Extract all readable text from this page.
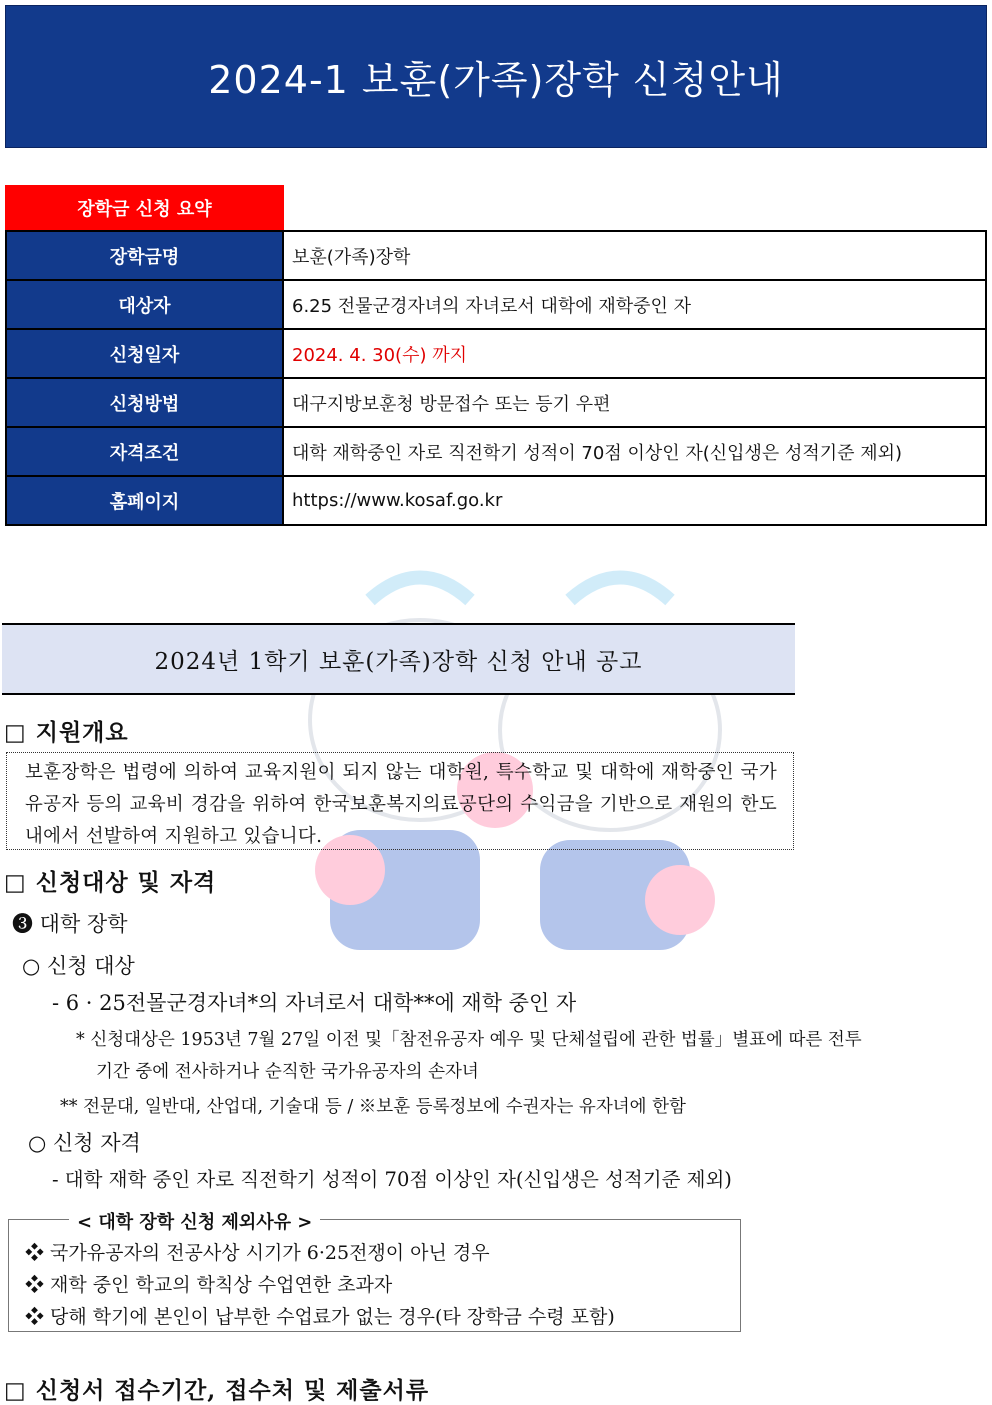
2024-1 보훈(가족)장학 신청안내
장학금 신청 요약
장학금명	보훈(가족)장학
대상자	6.25 전물군경자녀의 자녀로서 대학에 재학중인 자
신청일자	2024. 4. 30(수) 까지
신청방법	대구지방보훈청 방문접수 또는 등기 우편
자격조건	대학 재학중인 자로 직전학기 성적이 70점 이상인 자(신입생은 성적기준 제외)
홈페이지	https://www.kosaf.go.kr
2024년 1학기 보훈(가족)장학 신청 안내 공고
□ 지원개요
보훈장학은 법령에 의하여 교육지원이 되지 않는 대학원, 특수학교 및 대학에 재학중인 국가유공자 등의 교육비 경감을 위하여 한국보훈복지의료공단의 수익금을 기반으로 재원의 한도 내에서 선발하여 지원하고 있습니다.
□ 신청대상 및 자격
❸ 대학 장학
○ 신청 대상
- 6 · 25전몰군경자녀*의 자녀로서 대학**에 재학 중인 자
* 신청대상은 1953년 7월 27일 이전 및「참전유공자 예우 및 단체설립에 관한 법률」별표에 따른 전투
기간 중에 전사하거나 순직한 국가유공자의 손자녀
** 전문대, 일반대, 산업대, 기술대 등 / ※보훈 등록정보에 수권자는 유자녀에 한함
○ 신청 자격
- 대학 재학 중인 자로 직전학기 성적이 70점 이상인 자(신입생은 성적기준 제외)
< 대학 장학 신청 제외사유 >
❖ 국가유공자의 전공사상 시기가 6·25전쟁이 아닌 경우
❖ 재학 중인 학교의 학칙상 수업연한 초과자
❖ 당해 학기에 본인이 납부한 수업료가 없는 경우(타 장학금 수령 포함)
□ 신청서 접수기간, 접수처 및 제출서류
